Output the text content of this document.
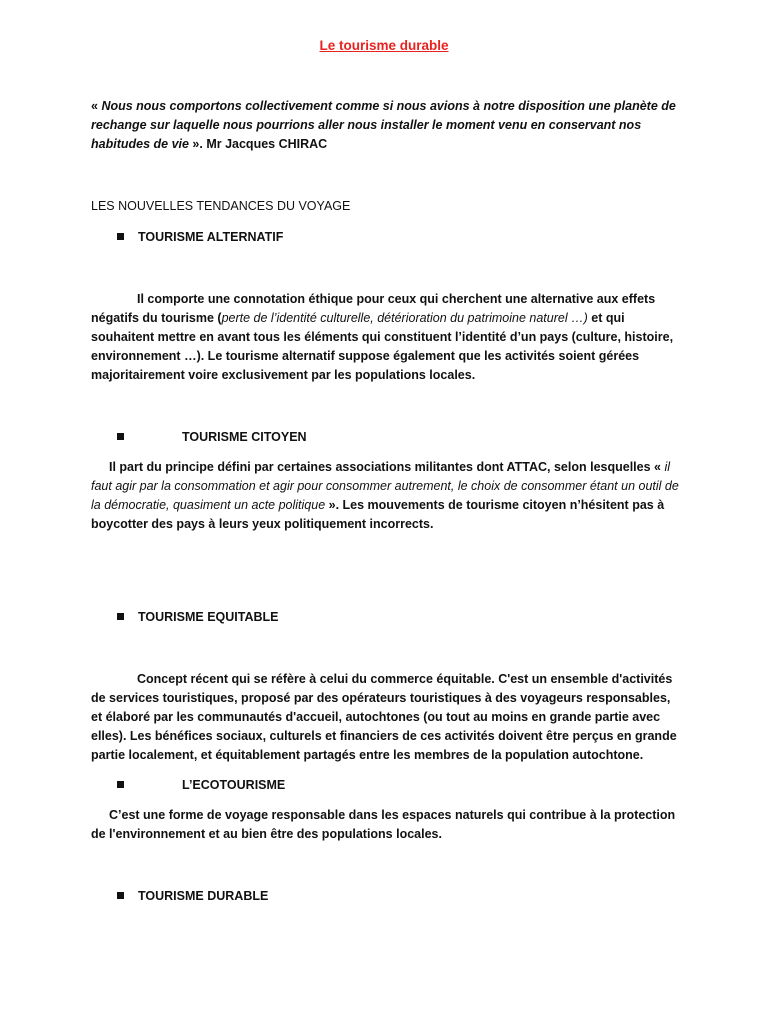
Le tourisme durable
« Nous nous comportons collectivement comme si nous avions à notre disposition une planète de rechange sur laquelle nous pourrions aller nous installer le moment venu en conservant nos habitudes de vie ». Mr Jacques CHIRAC
LES NOUVELLES TENDANCES DU VOYAGE
TOURISME ALTERNATIF
Il comporte une connotation éthique pour ceux qui cherchent une alternative aux effets négatifs du tourisme (perte de l’identité culturelle, détérioration du patrimoine naturel …) et qui souhaitent mettre en avant tous les éléments qui constituent l’identité d’un pays (culture, histoire, environnement …). Le tourisme alternatif suppose également que les activités soient gérées majoritairement voire exclusivement par les populations locales.
TOURISME CITOYEN
Il part du principe défini par certaines associations militantes dont ATTAC, selon lesquelles « il faut agir par la consommation et agir pour consommer autrement, le choix de consommer étant un outil de la démocratie, quasiment un acte politique ». Les mouvements de tourisme citoyen n’hésitent pas à boycotter des pays à leurs yeux politiquement incorrects.
TOURISME EQUITABLE
Concept récent qui se réfère à celui du commerce équitable. C'est un ensemble d'activités de services touristiques, proposé par des opérateurs touristiques à des voyageurs responsables, et élaboré par les communautés d'accueil, autochtones (ou tout au moins en grande partie avec elles). Les bénéfices sociaux, culturels et financiers de ces activités doivent être perçus en grande partie localement, et équitablement partagés entre les membres de la population autochtone.
L’ECOTOURISME
C’est une forme de voyage responsable dans les espaces naturels qui contribue à la protection de l'environnement et au bien être des populations locales.
TOURISME DURABLE
